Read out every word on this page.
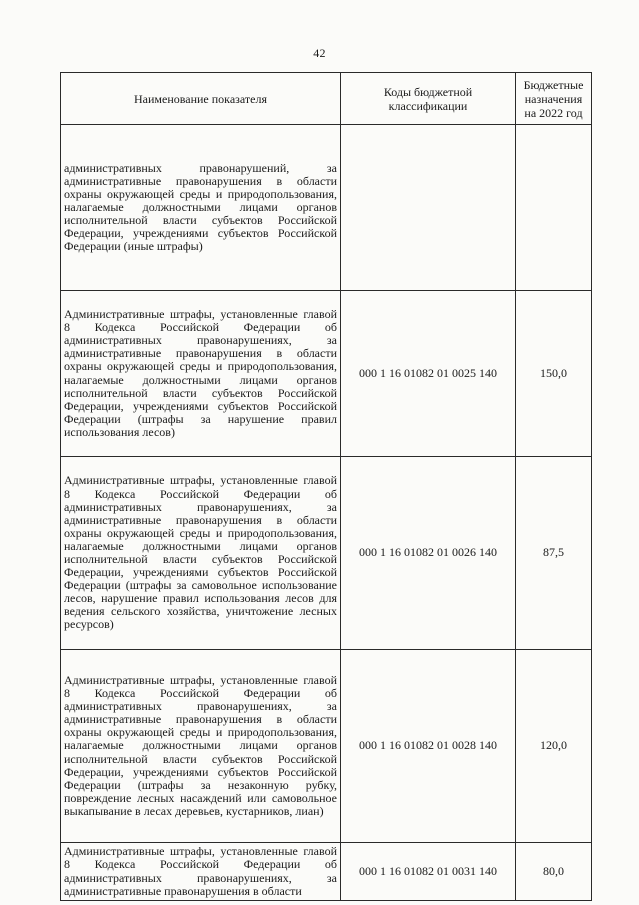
42
Наименование показателя	Коды бюджетной классификации	Бюджетные назначения на 2022 год

административных правонарушений, за административные правонарушения в области охраны окружающей среды и природопользования, налагаемые должностными лицами органов исполнительной власти субъектов Российской Федерации, учреждениями субъектов Российской Федерации (иные штрафы)		

Административные штрафы, установленные главой 8 Кодекса Российской Федерации об административных правонарушениях, за административные правонарушения в области охраны окружающей среды и природопользования, налагаемые должностными лицами органов исполнительной власти субъектов Российской Федерации, учреждениями субъектов Российской Федерации (штрафы за нарушение правил использования лесов)	000 1 16 01082 01 0025 140	150,0

Административные штрафы, установленные главой 8 Кодекса Российской Федерации об административных правонарушениях, за административные правонарушения в области охраны окружающей среды и природопользования, налагаемые должностными лицами органов исполнительной власти субъектов Российской Федерации, учреждениями субъектов Российской Федерации (штрафы за самовольное использование лесов, нарушение правил использования лесов для ведения сельского хозяйства, уничтожение лесных ресурсов)	000 1 16 01082 01 0026 140	87,5

Административные штрафы, установленные главой 8 Кодекса Российской Федерации об административных правонарушениях, за административные правонарушения в области охраны окружающей среды и природопользования, налагаемые должностными лицами органов исполнительной власти субъектов Российской Федерации, учреждениями субъектов Российской Федерации (штрафы за незаконную рубку, повреждение лесных насаждений или самовольное выкапывание в лесах деревьев, кустарников, лиан)	000 1 16 01082 01 0028 140	120,0

Административные штрафы, установленные главой 8 Кодекса Российской Федерации об административных правонарушениях, за административные правонарушения в области	000 1 16 01082 01 0031 140	80,0
